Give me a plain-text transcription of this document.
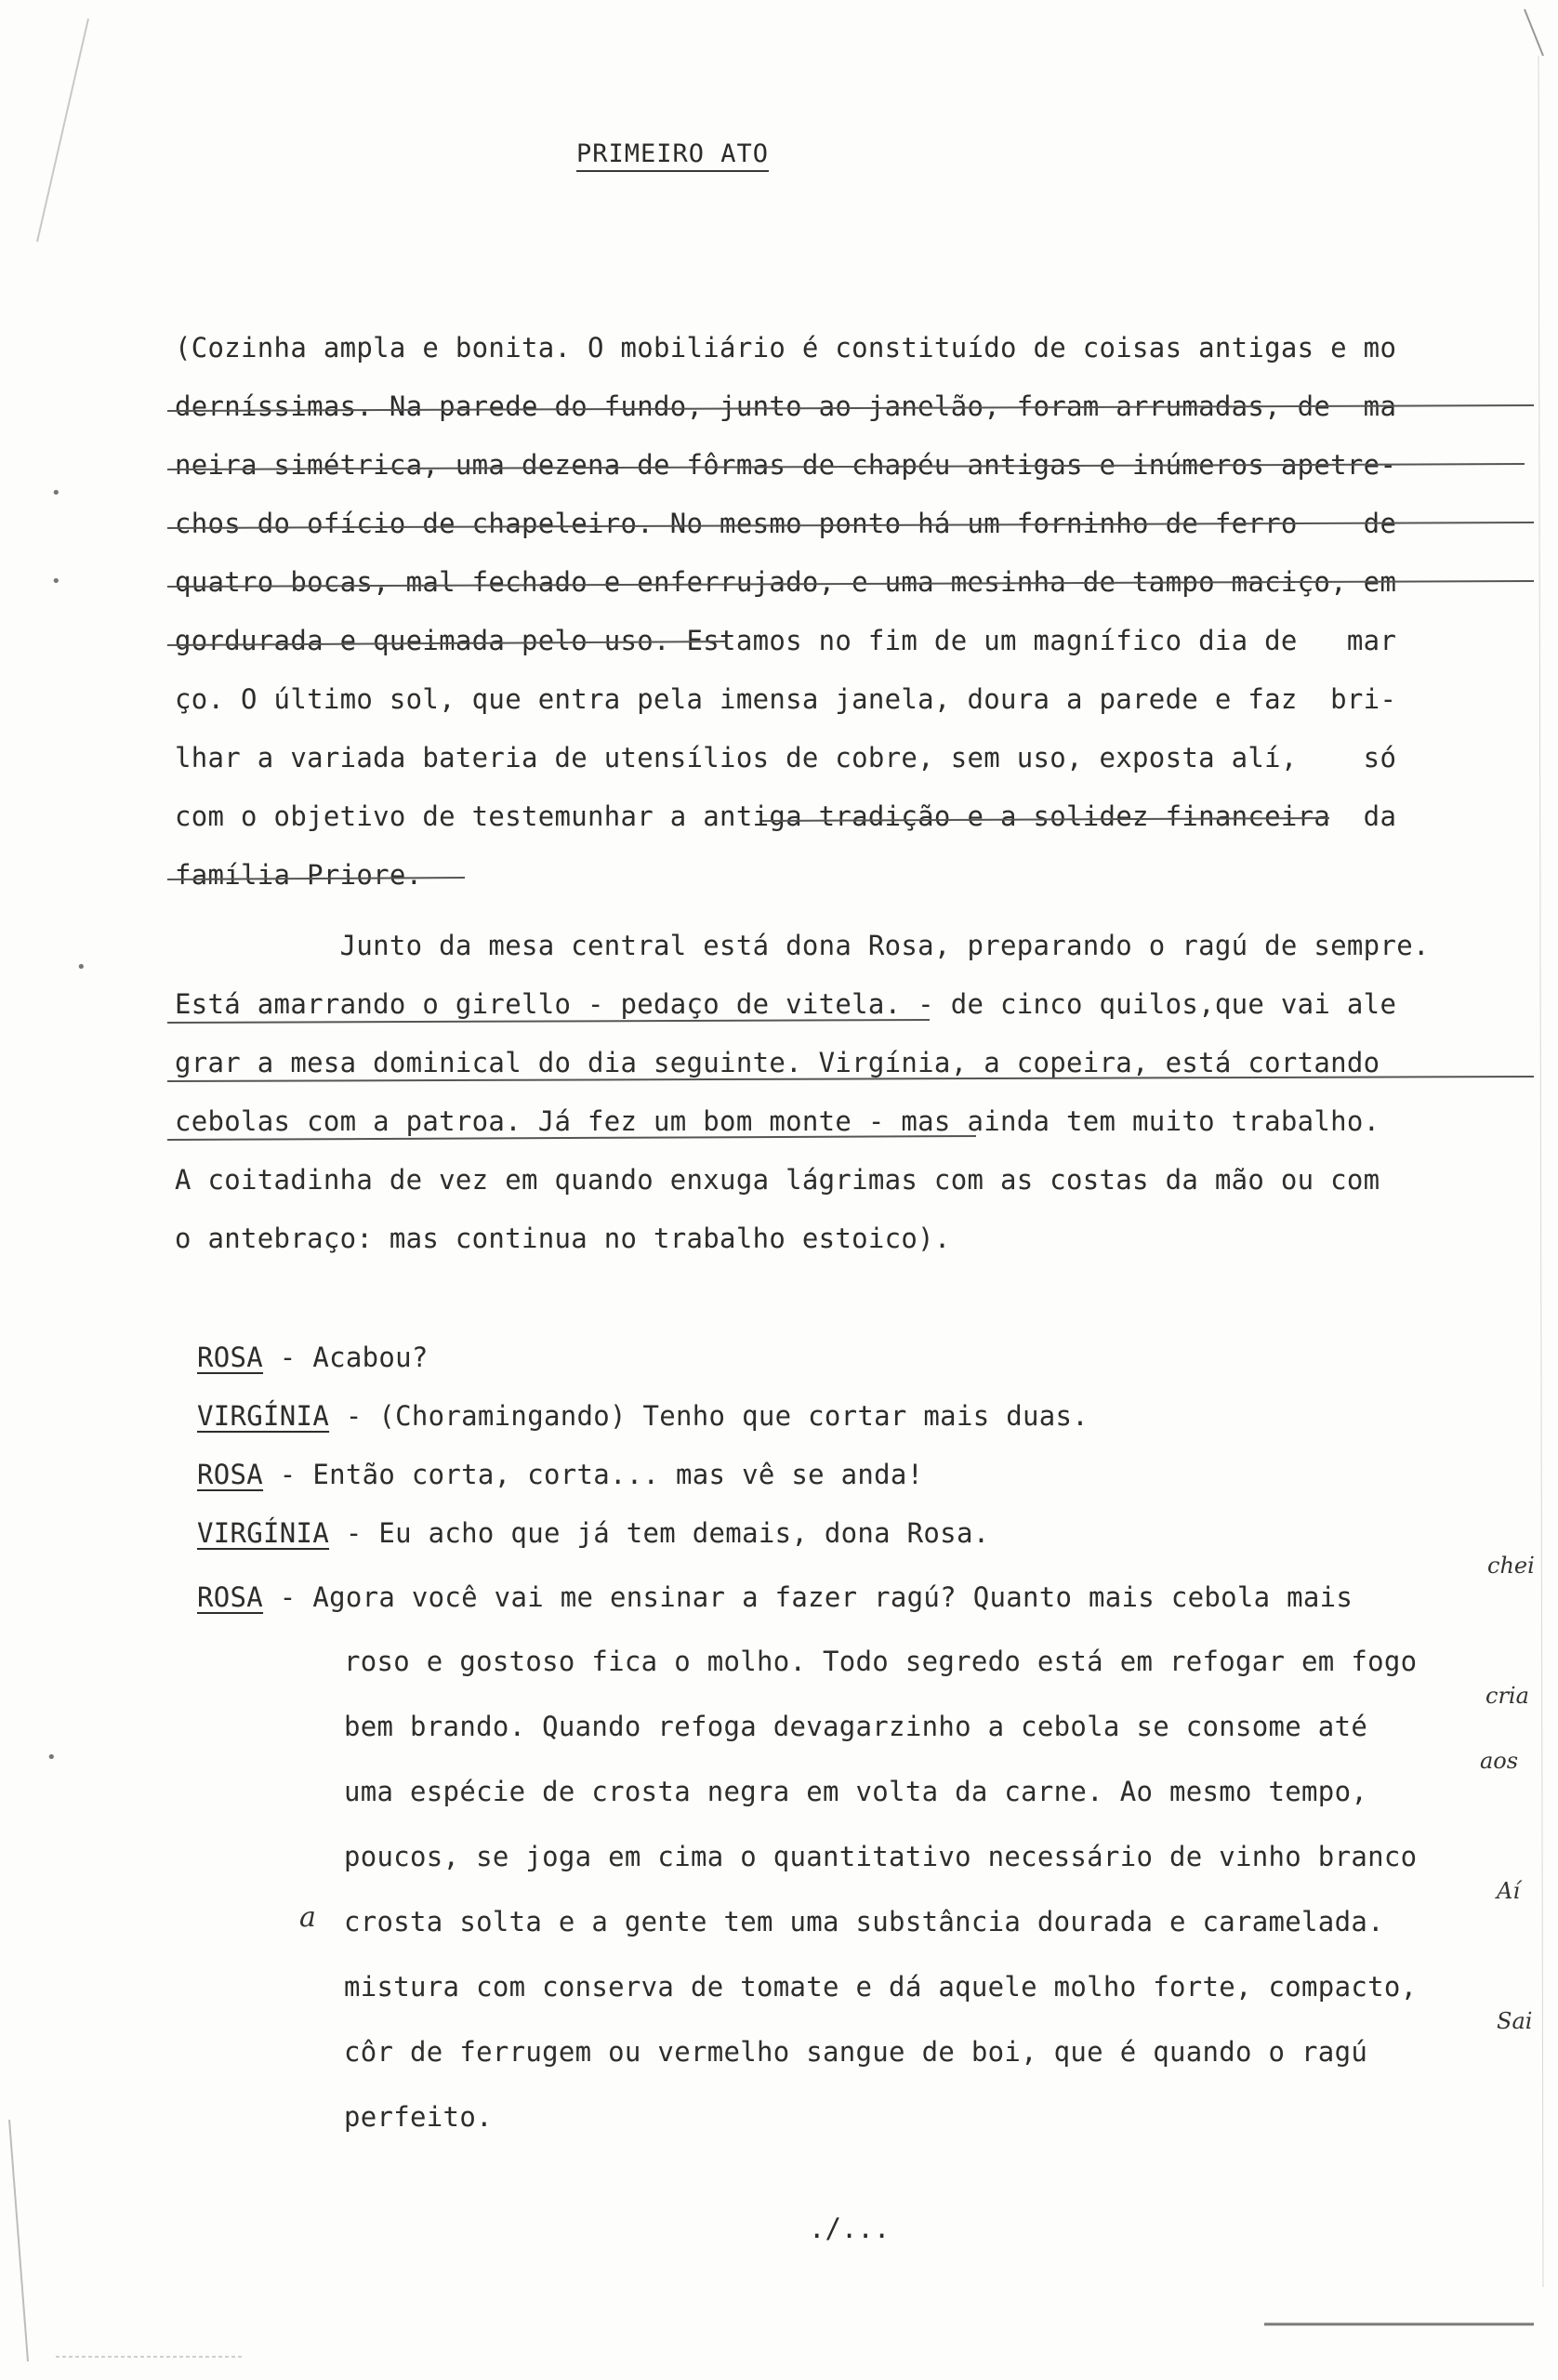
PRIMEIRO ATO
(Cozinha ampla e bonita. O mobiliário é constituído de coisas antigas e mo
derníssimas. Na parede do fundo, junto ao janelão, foram arrumadas, de  ma
neira simétrica, uma dezena de fôrmas de chapéu antigas e inúmeros apetre-
chos do ofício de chapeleiro. No mesmo ponto há um forninho de ferro    de
quatro bocas, mal fechado e enferrujado, e uma mesinha de tampo maciço, em
gordurada e queimada pelo uso. Estamos no fim de um magnífico dia de   mar
ço. O último sol, que entra pela imensa janela, doura a parede e faz  bri-
lhar a variada bateria de utensílios de cobre, sem uso, exposta alí,    só
com o objetivo de testemunhar a antiga tradição e a solidez financeira  da
família Priore.
Junto da mesa central está dona Rosa, preparando o ragú de sempre.
Está amarrando o girello - pedaço de vitela. - de cinco quilos,que vai ale
grar a mesa dominical do dia seguinte. Virgínia, a copeira, está cortando
cebolas com a patroa. Já fez um bom monte - mas ainda tem muito trabalho.
A coitadinha de vez em quando enxuga lágrimas com as costas da mão ou com
o antebraço: mas continua no trabalho estoico).
ROSA - Acabou?
VIRGÍNIA - (Choramingando) Tenho que cortar mais duas.
ROSA - Então corta, corta... mas vê se anda!
VIRGÍNIA - Eu acho que já tem demais, dona Rosa.
ROSA - Agora você vai me ensinar a fazer ragú? Quanto mais cebola mais
roso e gostoso fica o molho. Todo segredo está em refogar em fogo
bem brando. Quando refoga devagarzinho a cebola se consome até
uma espécie de crosta negra em volta da carne. Ao mesmo tempo,
poucos, se joga em cima o quantitativo necessário de vinho branco
crosta solta e a gente tem uma substância dourada e caramelada.
mistura com conserva de tomate e dá aquele molho forte, compacto,
côr de ferrugem ou vermelho sangue de boi, que é quando o ragú
perfeito.
chei
cria
aos
Aí
Sai
a
•
•
•
•
./...
